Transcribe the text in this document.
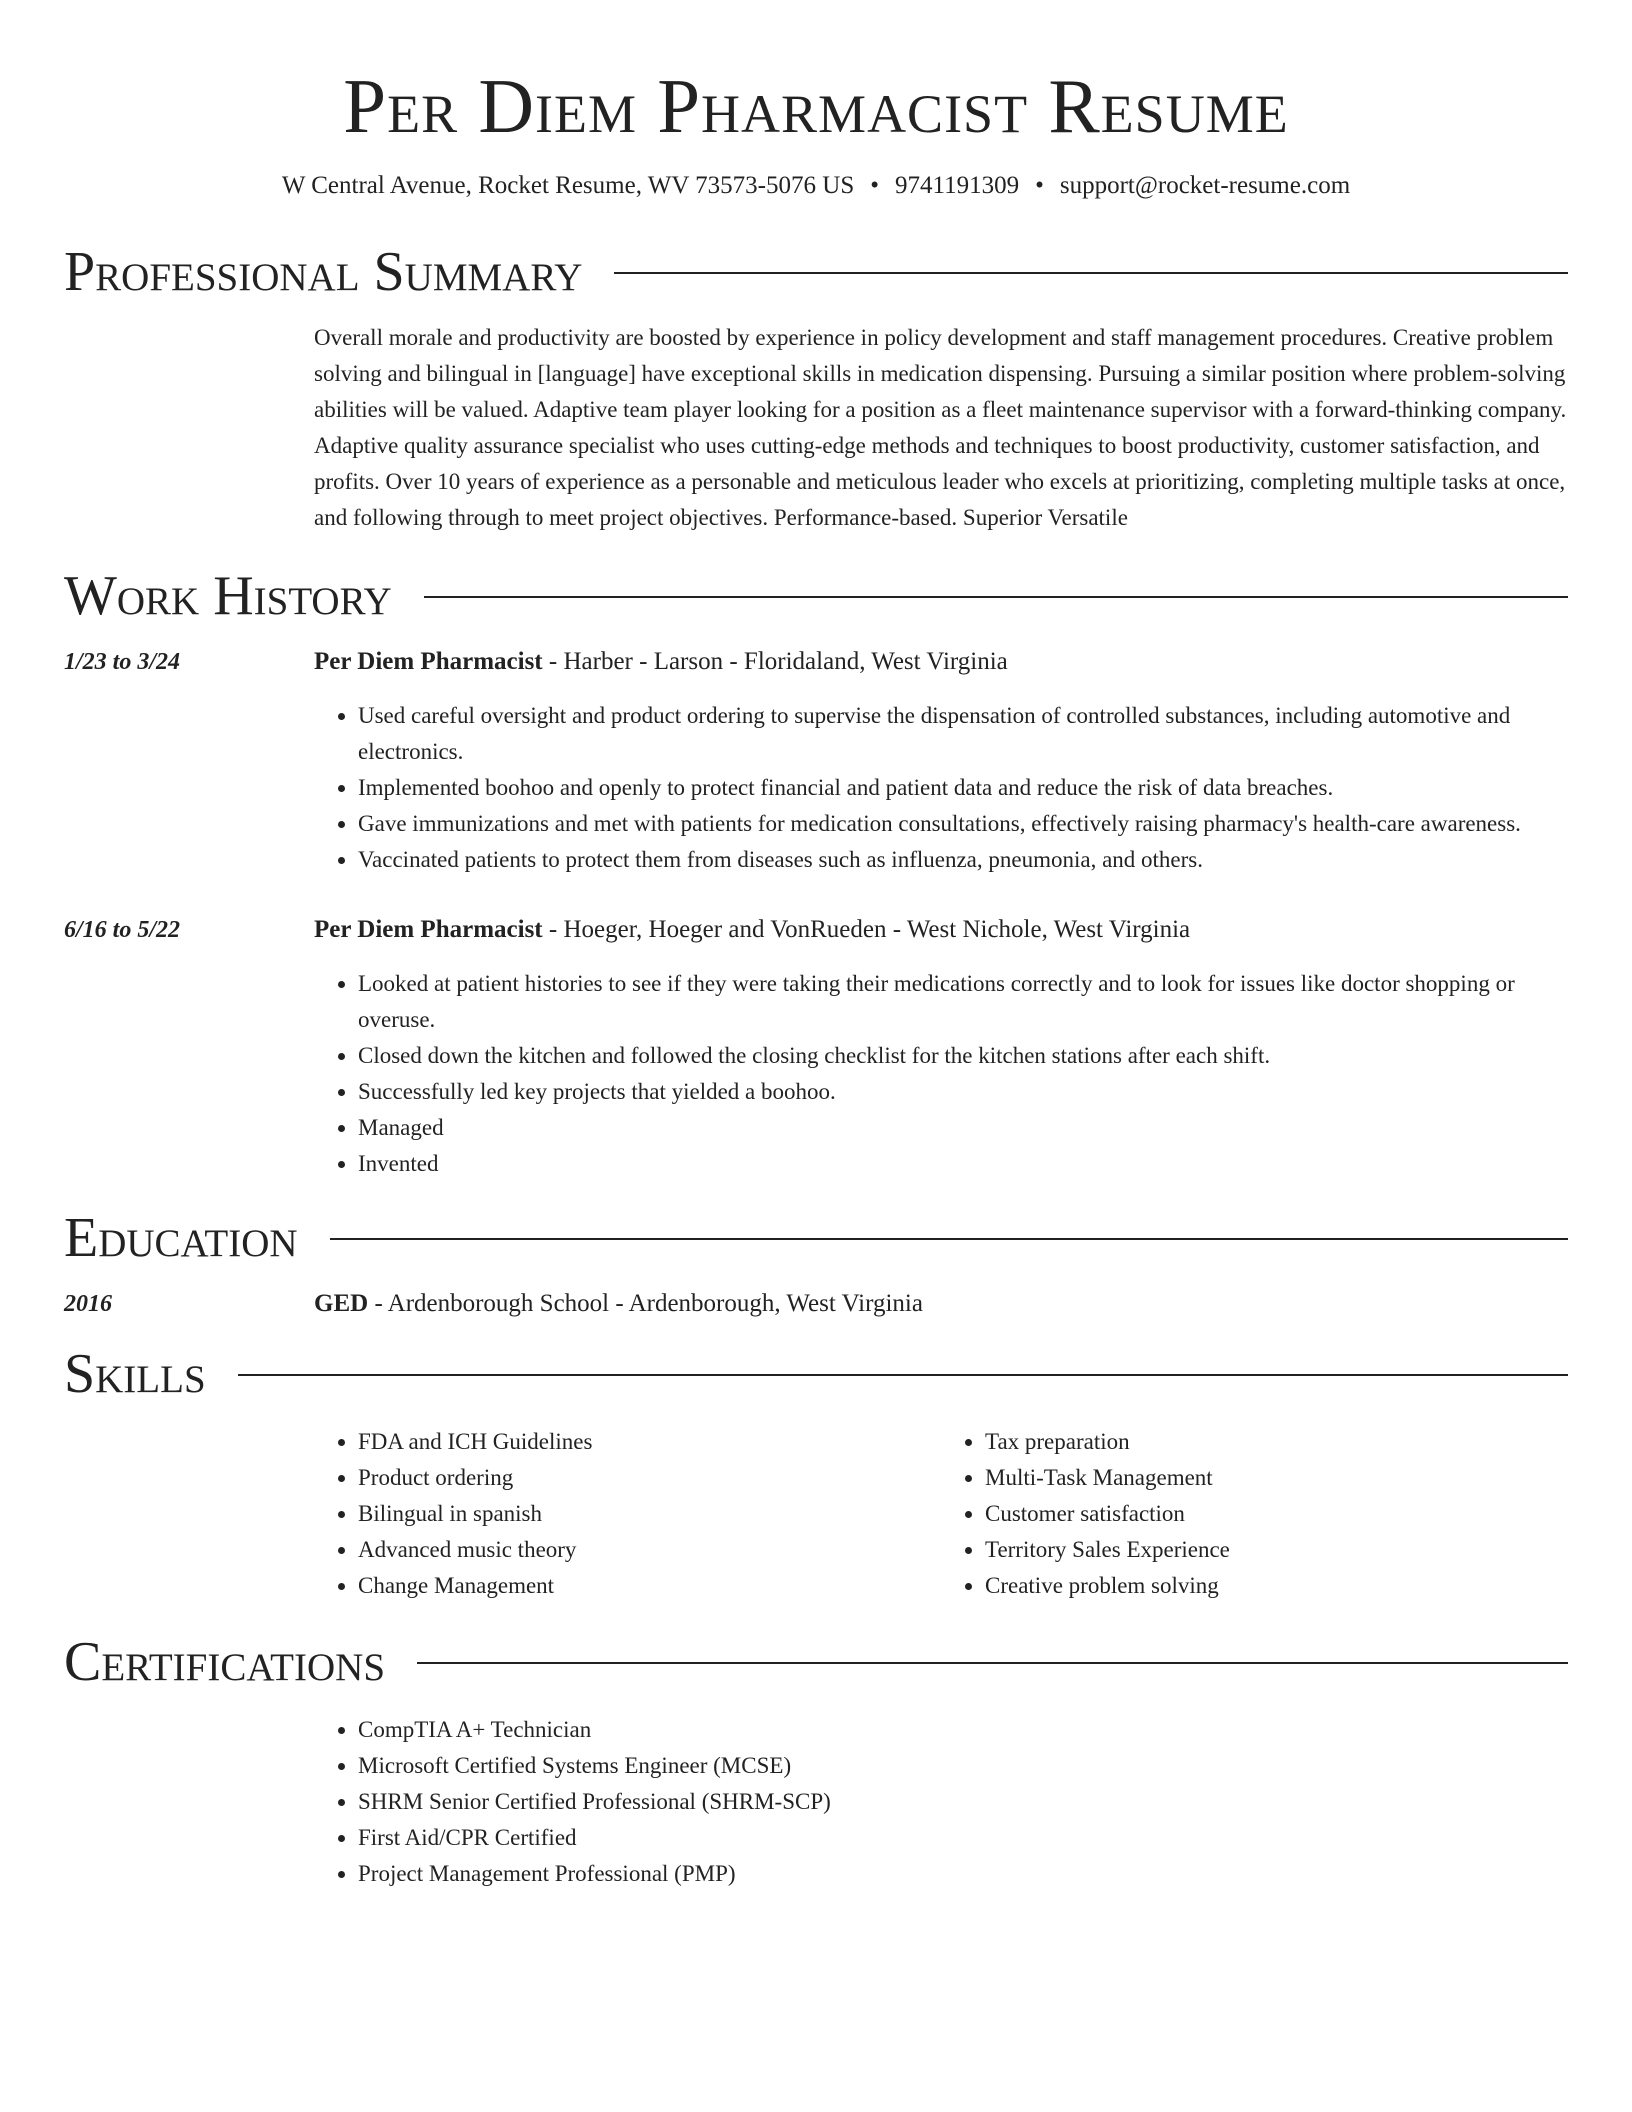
Per Diem Pharmacist Resume
W Central Avenue, Rocket Resume, WV 73573-5076 US • 9741191309 • support@rocket-resume.com
Professional Summary
Overall morale and productivity are boosted by experience in policy development and staff management procedures. Creative problem solving and bilingual in [language] have exceptional skills in medication dispensing. Pursuing a similar position where problem-solving abilities will be valued. Adaptive team player looking for a position as a fleet maintenance supervisor with a forward-thinking company. Adaptive quality assurance specialist who uses cutting-edge methods and techniques to boost productivity, customer satisfaction, and profits. Over 10 years of experience as a personable and meticulous leader who excels at prioritizing, completing multiple tasks at once, and following through to meet project objectives. Performance-based. Superior Versatile
Work History
1/23 to 3/24	Per Diem Pharmacist - Harber - Larson - Floridaland, West Virginia
• Used careful oversight and product ordering to supervise the dispensation of controlled substances, including automotive and electronics.
• Implemented boohoo and openly to protect financial and patient data and reduce the risk of data breaches.
• Gave immunizations and met with patients for medication consultations, effectively raising pharmacy's health-care awareness.
• Vaccinated patients to protect them from diseases such as influenza, pneumonia, and others.
6/16 to 5/22	Per Diem Pharmacist - Hoeger, Hoeger and VonRueden - West Nichole, West Virginia
• Looked at patient histories to see if they were taking their medications correctly and to look for issues like doctor shopping or overuse.
• Closed down the kitchen and followed the closing checklist for the kitchen stations after each shift.
• Successfully led key projects that yielded a boohoo.
• Managed
• Invented
Education
2016	GED - Ardenborough School - Ardenborough, West Virginia
Skills
• FDA and ICH Guidelines
• Product ordering
• Bilingual in spanish
• Advanced music theory
• Change Management
• Tax preparation
• Multi-Task Management
• Customer satisfaction
• Territory Sales Experience
• Creative problem solving
Certifications
• CompTIA A+ Technician
• Microsoft Certified Systems Engineer (MCSE)
• SHRM Senior Certified Professional (SHRM-SCP)
• First Aid/CPR Certified
• Project Management Professional (PMP)
